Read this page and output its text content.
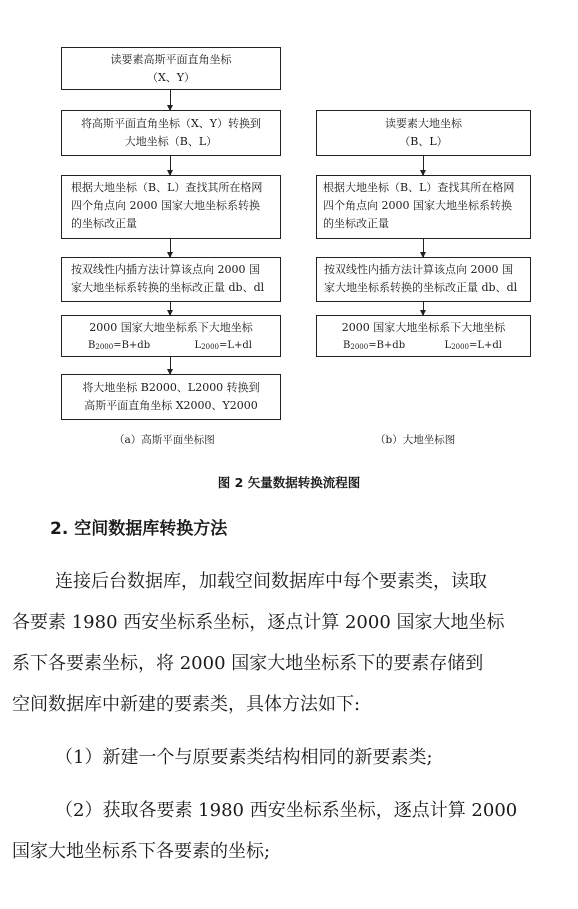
读要素高斯平面直角坐标
（X、Y）
将高斯平面直角坐标（X、Y）转换到
大地坐标（B、L）
根据大地坐标（B、L）查找其所在格网
四个角点向 2000 国家大地坐标系转换
的坐标改正量
按双线性内插方法计算该点向 2000 国
家大地坐标系转换的坐标改正量 db、dl
2000 国家大地坐标系下大地坐标
$B_{2000}=B+db$	$L_{2000}=L+dl$
将大地坐标 B2000、L2000 转换到
高斯平面直角坐标 X2000、Y2000
（a）高斯平面坐标图
读要素大地坐标
（B、L）
根据大地坐标（B、L）查找其所在格网
四个角点向 2000 国家大地坐标系转换
的坐标改正量
按双线性内插方法计算该点向 2000 国
家大地坐标系转换的坐标改正量 db、dl
2000 国家大地坐标系下大地坐标
$B_{2000}=B+db$	$L_{2000}=L+dl$
（b）大地坐标图
图 2 矢量数据转换流程图
2. 空间数据库转换方法
连接后台数据库，加载空间数据库中每个要素类，读取
各要素 1980 西安坐标系坐标，逐点计算 2000 国家大地坐标
系下各要素坐标，将 2000 国家大地坐标系下的要素存储到
空间数据库中新建的要素类，具体方法如下:
（1）新建一个与原要素类结构相同的新要素类;
（2）获取各要素 1980 西安坐标系坐标，逐点计算 2000
国家大地坐标系下各要素的坐标;
